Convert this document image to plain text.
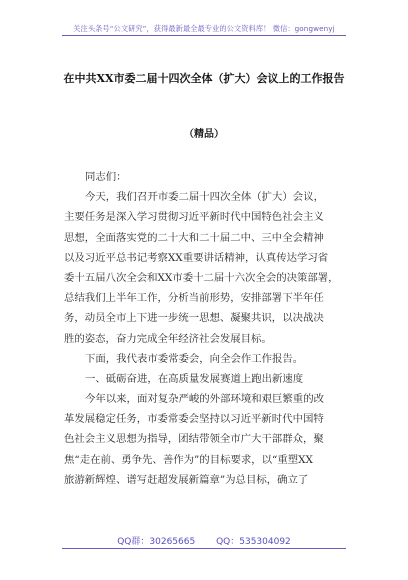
关注头条号“公文研究”，获得最新最全最专业的公文资料库！ 微信：gongwenyj
在中共XX市委二届十四次全体（扩大）会议上的工作报告
（精品）
同志们：
今天，我们召开市委二届十四次全体（扩大）会议，
主要任务是深入学习贯彻习近平新时代中国特色社会主义
思想，全面落实党的二十大和二十届二中、三中全会精神
以及习近平总书记考察XX重要讲话精神，认真传达学习省
委十五届八次全会和XX市委十二届十六次全会的决策部署，
总结我们上半年工作，分析当前形势，安排部署下半年任
务，动员全市上下进一步统一思想、凝聚共识，以决战决
胜的姿态，奋力完成全年经济社会发展目标。
下面，我代表市委常委会，向全会作工作报告。
一、砥砺奋进，在高质量发展赛道上跑出新速度
今年以来，面对复杂严峻的外部环境和艰巨繁重的改
革发展稳定任务，市委常委会坚持以习近平新时代中国特
色社会主义思想为指导，团结带领全市广大干部群众，聚
焦“走在前、勇争先、善作为”的目标要求，以“重塑XX
旅游新辉煌、谱写赶超发展新篇章”为总目标，确立了
QQ群：30265665 QQ：535304092
